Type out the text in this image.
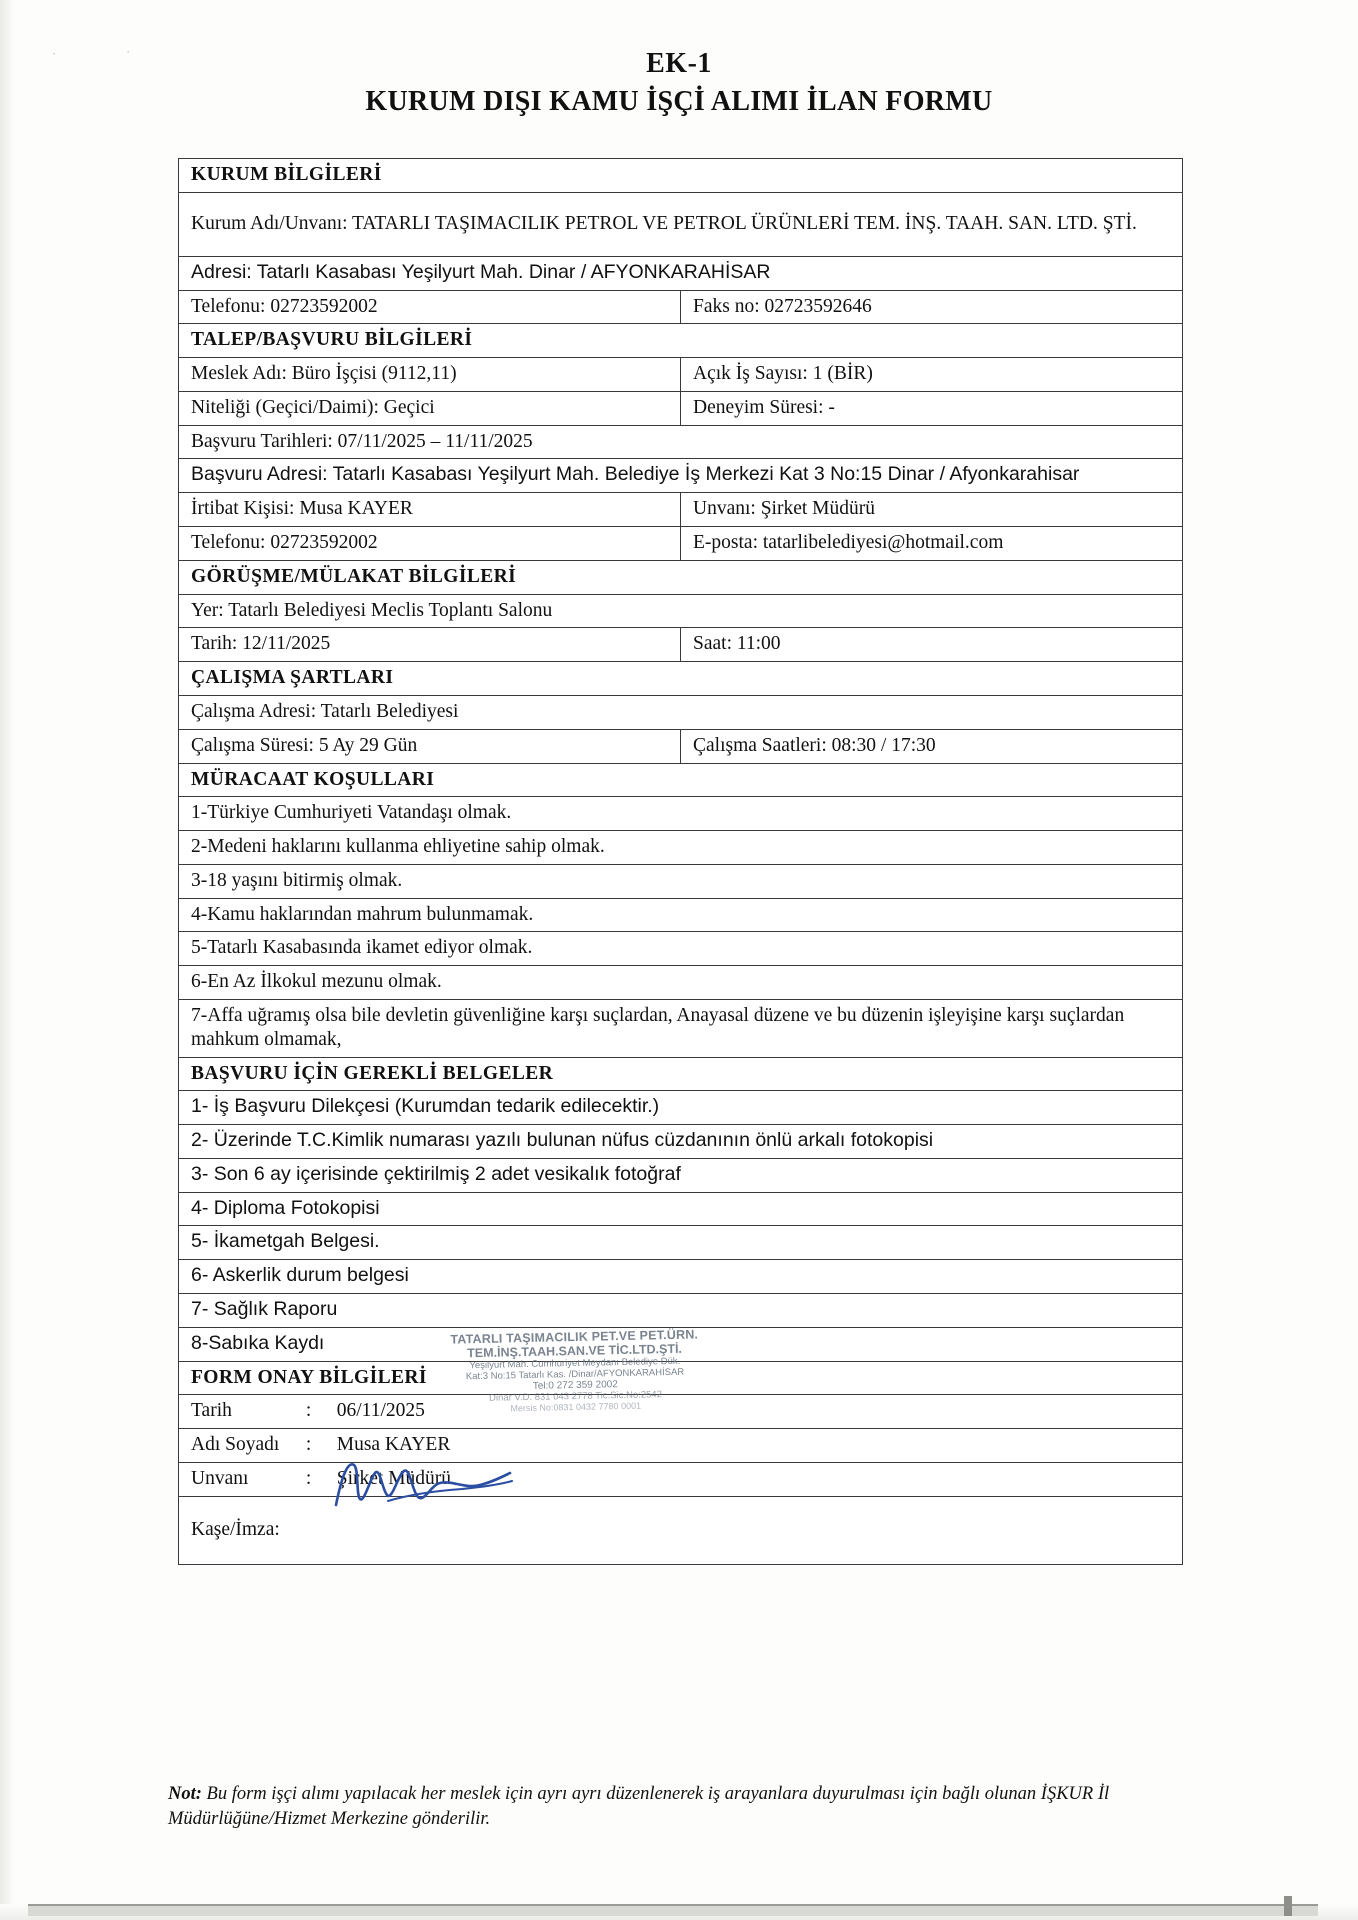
·	·	EK-1
KURUM DIŞI KAMU İŞÇİ ALIMI İLAN FORMU
KURUM BİLGİLERİ	
Kurum Adı/Unvanı: TATARLI TAŞIMACILIK PETROL VE PETROL ÜRÜNLERİ TEM. İNŞ. TAAH. SAN. LTD. ŞTİ.	
Adresi: Tatarlı Kasabası Yeşilyurt Mah. Dinar / AFYONKARAHİSAR	
Telefonu: 02723592002	Faks no: 02723592646
TALEP/BAŞVURU BİLGİLERİ	
Meslek Adı: Büro İşçisi (9112,11)	Açık İş Sayısı: 1 (BİR)
Niteliği (Geçici/Daimi): Geçici	Deneyim Süresi: -
Başvuru Tarihleri: 07/11/2025 – 11/11/2025	
Başvuru Adresi: Tatarlı Kasabası Yeşilyurt Mah. Belediye İş Merkezi Kat 3 No:15 Dinar / Afyonkarahisar	
İrtibat Kişisi: Musa KAYER	Unvanı: Şirket Müdürü
Telefonu: 02723592002	E-posta: tatarlibelediyesi@hotmail.com
GÖRÜŞME/MÜLAKAT BİLGİLERİ	
Yer: Tatarlı Belediyesi Meclis Toplantı Salonu	
Tarih: 12/11/2025	Saat: 11:00
ÇALIŞMA ŞARTLARI	
Çalışma Adresi: Tatarlı Belediyesi	
Çalışma Süresi: 5 Ay 29 Gün	Çalışma Saatleri: 08:30 / 17:30
MÜRACAAT KOŞULLARI	
1-Türkiye Cumhuriyeti Vatandaşı olmak.	
2-Medeni haklarını kullanma ehliyetine sahip olmak.	
3-18 yaşını bitirmiş olmak.	
4-Kamu haklarından mahrum bulunmamak.	
5-Tatarlı Kasabasında ikamet ediyor olmak.	
6-En Az İlkokul mezunu olmak.	
7-Affa uğramış olsa bile devletin güvenliğine karşı suçlardan, Anayasal düzene ve bu düzenin işleyişine karşı suçlardan mahkum olmamak,	
BAŞVURU İÇİN GEREKLİ BELGELER	
1- İş Başvuru Dilekçesi (Kurumdan tedarik edilecektir.)	
2- Üzerinde T.C.Kimlik numarası yazılı bulunan nüfus cüzdanının önlü arkalı fotokopisi	
3- Son 6 ay içerisinde çektirilmiş 2 adet vesikalık fotoğraf	
4- Diploma Fotokopisi	
5- İkametgah Belgesi.	
6- Askerlik durum belgesi	
7- Sağlık Raporu	
8-Sabıka Kaydı	
FORM ONAY BİLGİLERİ	
Tarih : 06/11/2025	
Adı Soyadı : Musa KAYER	
Unvanı : Şirket Müdürü	
Kaşe/İmza:	
TATARLI TAŞIMACILIK PET.VE PET.ÜRN.
TEM.İNŞ.TAAH.SAN.VE TİC.LTD.ŞTİ.
Yeşilyurt Mah. Cumhuriyet Meydanı Belediye Dük.
Kat:3 No:15 Tatarlı Kas. /Dinar/AFYONKARAHİSAR
Tel:0 272 359 2002
Dinar V.D. 831 043 2778 Tic.Sic.No:2542
Mersis No:0831 0432 7780 0001
Not: Bu form işçi alımı yapılacak her meslek için ayrı ayrı düzenlenerek iş arayanlara duyurulması için bağlı olunan İŞKUR İl Müdürlüğüne/Hizmet Merkezine gönderilir.
